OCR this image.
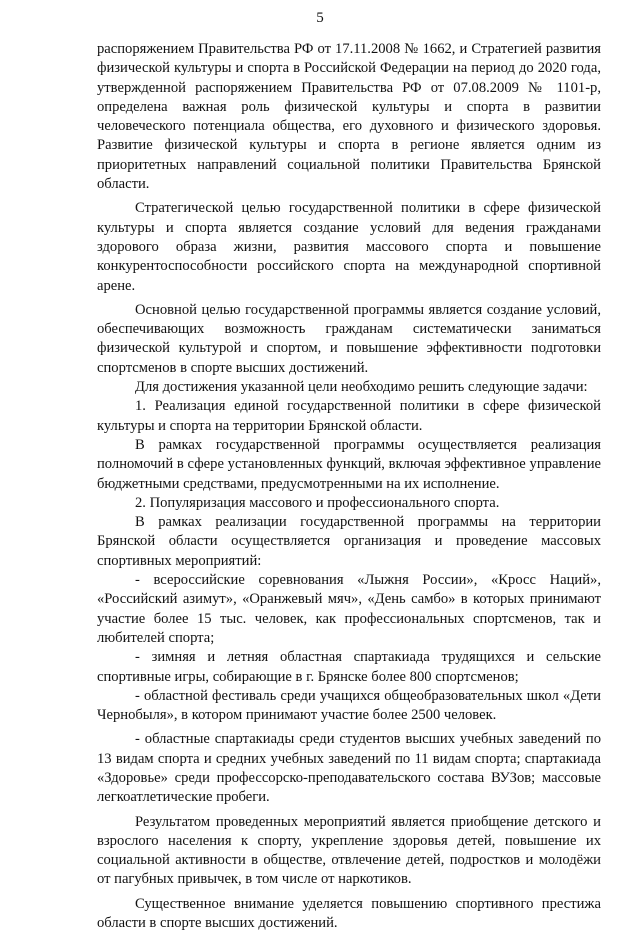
5

распоряжением Правительства РФ от 17.11.2008 № 1662, и Стратегией развития физической культуры и спорта в Российской Федерации на период до 2020 года, утвержденной распоряжением Правительства РФ от 07.08.2009 № 1101-р, определена важная роль физической культуры и спорта в развитии человеческого потенциала общества, его духовного и физического здоровья. Развитие физической культуры и спорта в регионе является одним из приоритетных направлений социальной политики Правительства Брянской области.

Стратегической целью государственной политики в сфере физической культуры и спорта является создание условий для ведения гражданами здорового образа жизни, развития массового спорта и повышение конкурентоспособности российского спорта на международной спортивной арене.

Основной целью государственной программы является создание условий, обеспечивающих возможность гражданам систематически заниматься физической культурой и спортом, и повышение эффективности подготовки спортсменов в спорте высших достижений.

Для достижения указанной цели необходимо решить следующие задачи:

1. Реализация единой государственной политики в сфере физической культуры и спорта на территории Брянской области.

В рамках государственной программы осуществляется реализация полномочий в сфере установленных функций, включая эффективное управление бюджетными средствами, предусмотренными на их исполнение.

2. Популяризация массового и профессионального спорта.

В рамках реализации государственной программы на территории Брянской области осуществляется организация и проведение массовых спортивных мероприятий:

- всероссийские соревнования «Лыжня России», «Кросс Наций», «Российский азимут», «Оранжевый мяч», «День самбо» в которых принимают участие более 15 тыс. человек, как профессиональных спортсменов, так и любителей спорта;

- зимняя и летняя областная спартакиада трудящихся и сельские спортивные игры, собирающие в г. Брянске более 800 спортсменов;

- областной фестиваль среди учащихся общеобразовательных школ «Дети Чернобыля», в котором принимают участие более 2500 человек.

- областные спартакиады среди студентов высших учебных заведений по 13 видам спорта и средних учебных заведений по 11 видам спорта; спартакиада «Здоровье» среди профессорско-преподавательского состава ВУЗов; массовые легкоатлетические пробеги.

Результатом проведенных мероприятий является приобщение детского и взрослого населения к спорту, укрепление здоровья детей, повышение их социальной активности в обществе, отвлечение детей, подростков и молодёжи от пагубных привычек, в том числе от наркотиков.

Существенное внимание уделяется повышению спортивного престижа области в спорте высших достижений.
